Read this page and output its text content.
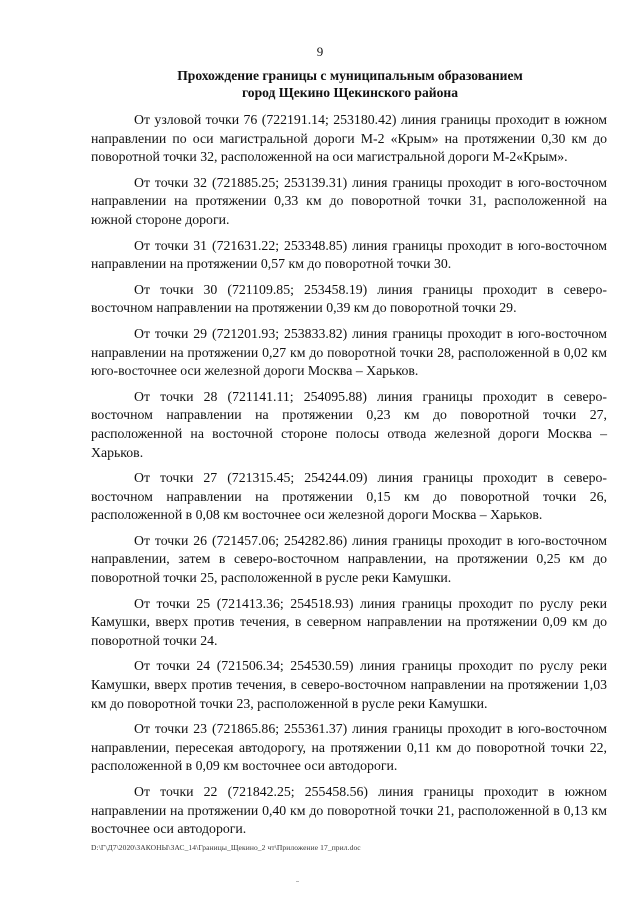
9
Прохождение границы с муниципальным образованием
город Щекино Щекинского района

От узловой точки 76 (722191.14; 253180.42) линия границы проходит в южном направлении по оси магистральной дороги М-2 «Крым» на протяжении 0,30 км до поворотной точки 32, расположенной на оси магистральной дороги М-2«Крым».

От точки 32 (721885.25; 253139.31) линия границы проходит в юго-восточном направлении на протяжении 0,33 км до поворотной точки 31, расположенной на южной стороне дороги.

От точки 31 (721631.22; 253348.85) линия границы проходит в юго-восточном направлении на протяжении 0,57 км до поворотной точки 30.

От точки 30 (721109.85; 253458.19) линия границы проходит в северо-восточном направлении на протяжении 0,39 км до поворотной точки 29.

От точки 29 (721201.93; 253833.82) линия границы проходит в юго-восточном направлении на протяжении 0,27 км до поворотной точки 28, расположенной в 0,02 км юго-восточнее оси железной дороги Москва – Харьков.

От точки 28 (721141.11; 254095.88) линия границы проходит в северо-восточном направлении на протяжении 0,23 км до поворотной точки 27, расположенной на восточной стороне полосы отвода железной дороги Москва – Харьков.

От точки 27 (721315.45; 254244.09) линия границы проходит в северо-восточном направлении на протяжении 0,15 км до поворотной точки 26, расположенной в 0,08 км восточнее оси железной дороги Москва – Харьков.

От точки 26 (721457.06; 254282.86) линия границы проходит в юго-восточном направлении, затем в северо-восточном направлении, на протяжении 0,25 км до поворотной точки 25, расположенной в русле реки Камушки.

От точки 25 (721413.36; 254518.93) линия границы проходит по руслу реки Камушки, вверх против течения, в северном направлении на протяжении 0,09 км до поворотной точки 24.

От точки 24 (721506.34; 254530.59) линия границы проходит по руслу реки Камушки, вверх против течения, в северо-восточном направлении на протяжении 1,03 км до поворотной точки 23, расположенной в русле реки Камушки.

От точки 23 (721865.86; 255361.37) линия границы проходит в юго-восточном направлении, пересекая автодорогу, на протяжении 0,11 км до поворотной точки 22, расположенной в 0,09 км восточнее оси автодороги.

От точки 22 (721842.25; 255458.56) линия границы проходит в южном направлении на протяжении 0,40 км до поворотной точки 21, расположенной в 0,13 км восточнее оси автодороги.

D:\Г\Д7\2020\ЗАКОНЫ\ЗАС_14\Границы_Щекино_2 чт\Приложение 17_прил.doc
